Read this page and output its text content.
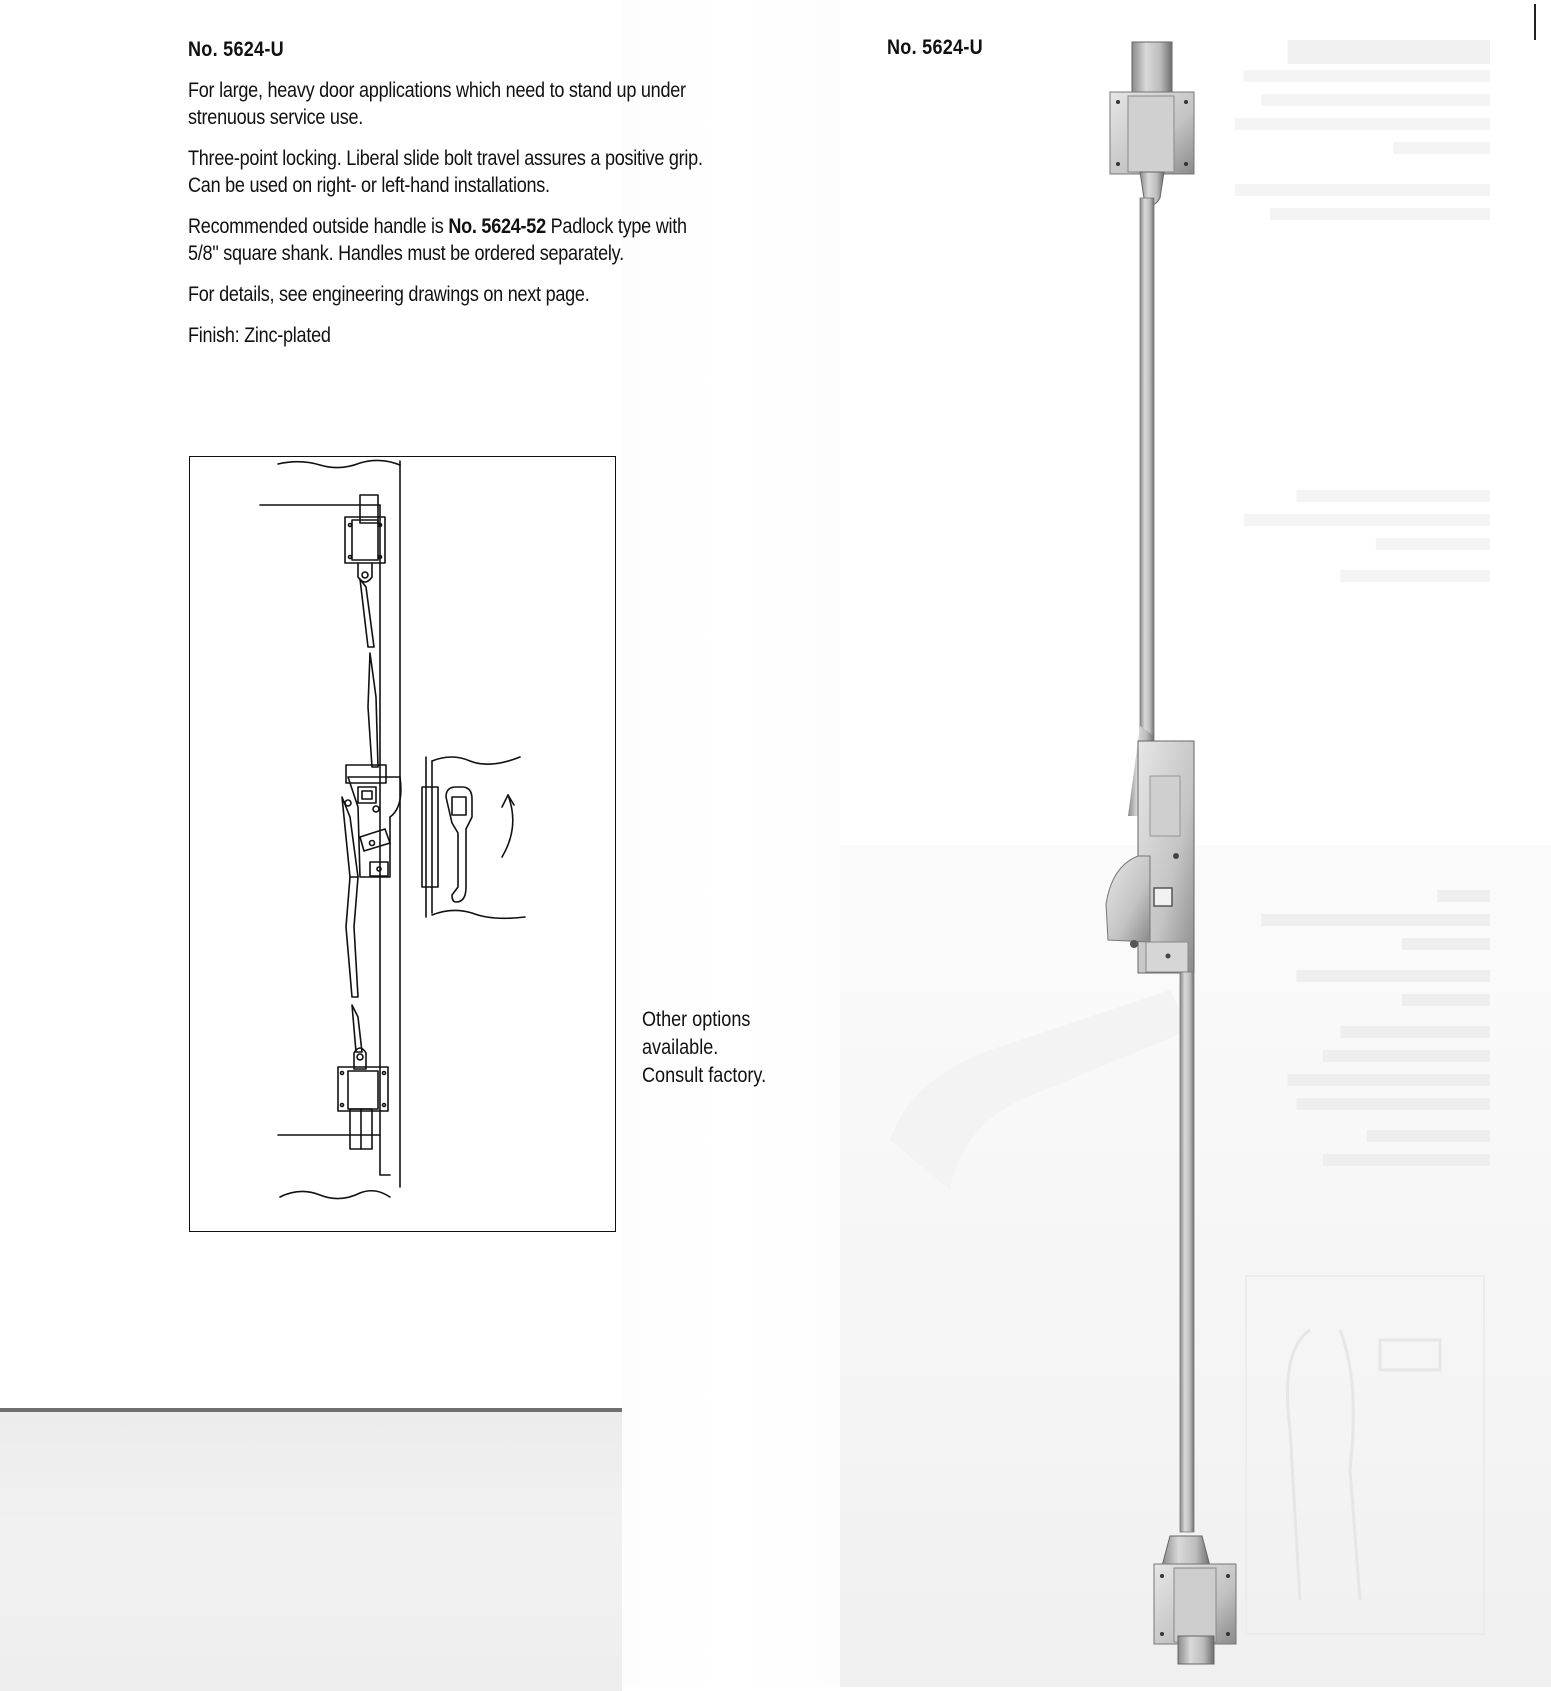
No. 5624-U

For large, heavy door applications which need to stand up under strenuous service use.

Three-point locking. Liberal slide bolt travel assures a positive grip. Can be used on right- or left-hand installations.

Recommended outside handle is No. 5624-52 Padlock type with 5/8" square shank. Handles must be ordered separately.

For details, see engineering drawings on next page.

Finish: Zinc-plated

No. 5624-U
Other options
available.
Consult factory.
